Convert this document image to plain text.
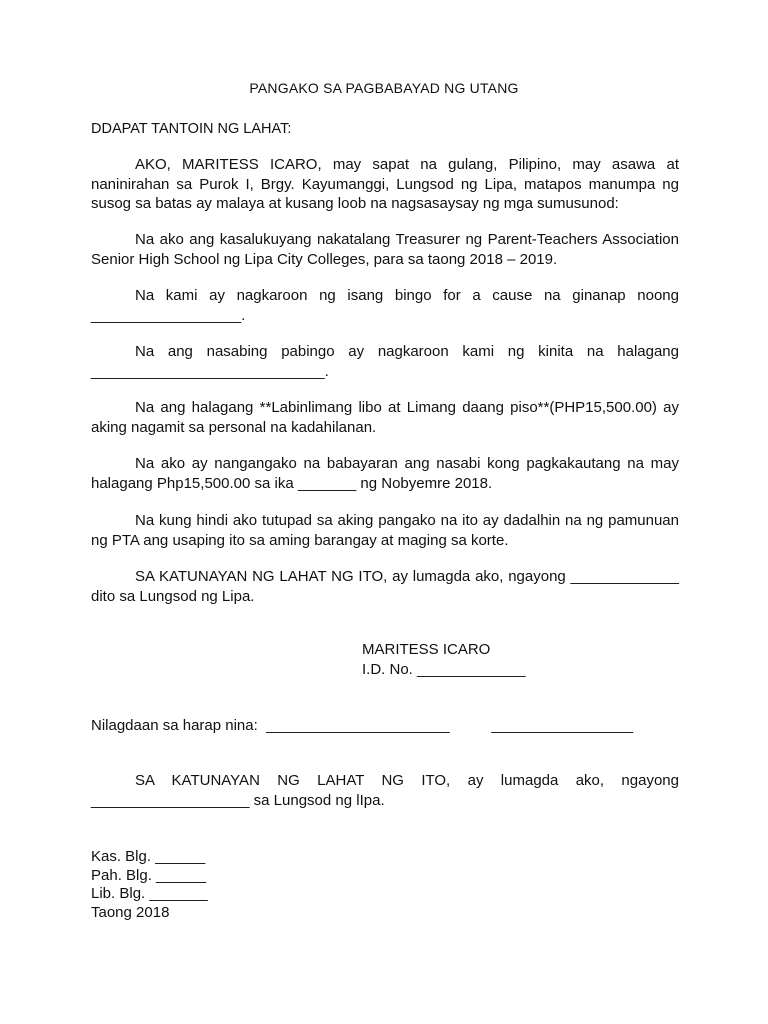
PANGAKO SA PAGBABAYAD NG UTANG
DDAPAT TANTOIN NG LAHAT:
AKO, MARITESS ICARO, may sapat na gulang, Pilipino, may asawa at naninirahan sa Purok I, Brgy. Kayumanggi, Lungsod ng Lipa, matapos manumpa ng susog sa batas ay malaya at kusang loob na nagsasaysay ng mga sumusunod:
Na ako ang kasalukuyang nakatalang Treasurer ng Parent-Teachers Association Senior High School ng Lipa City Colleges, para sa taong 2018 – 2019.
Na kami ay nagkaroon ng isang bingo for a cause na ginanap noong __________________.
Na ang nasabing pabingo ay nagkaroon kami ng kinita na halagang ____________________________.
Na ang halagang **Labinlimang libo at Limang daang piso**(PHP15,500.00) ay aking nagamit sa personal na kadahilanan.
Na ako ay nangangako na babayaran ang nasabi kong pagkakautang na may halagang Php15,500.00 sa ika _______ ng Nobyemre 2018.
Na kung hindi ako tutupad sa aking pangako na ito ay dadalhin na ng pamunuan ng PTA ang usaping ito sa aming barangay at maging sa korte.
SA KATUNAYAN NG LAHAT NG ITO, ay lumagda ako, ngayong _____________ dito sa Lungsod ng Lipa.
MARITESS ICARO
I.D. No. _____________
Nilagdaan sa harap nina:  ______________________          _________________
SA KATUNAYAN NG LAHAT NG ITO, ay lumagda ako, ngayong ___________________ sa Lungsod ng lIpa.
Kas. Blg. ______
Pah. Blg. ______
Lib. Blg. _______
Taong 2018
